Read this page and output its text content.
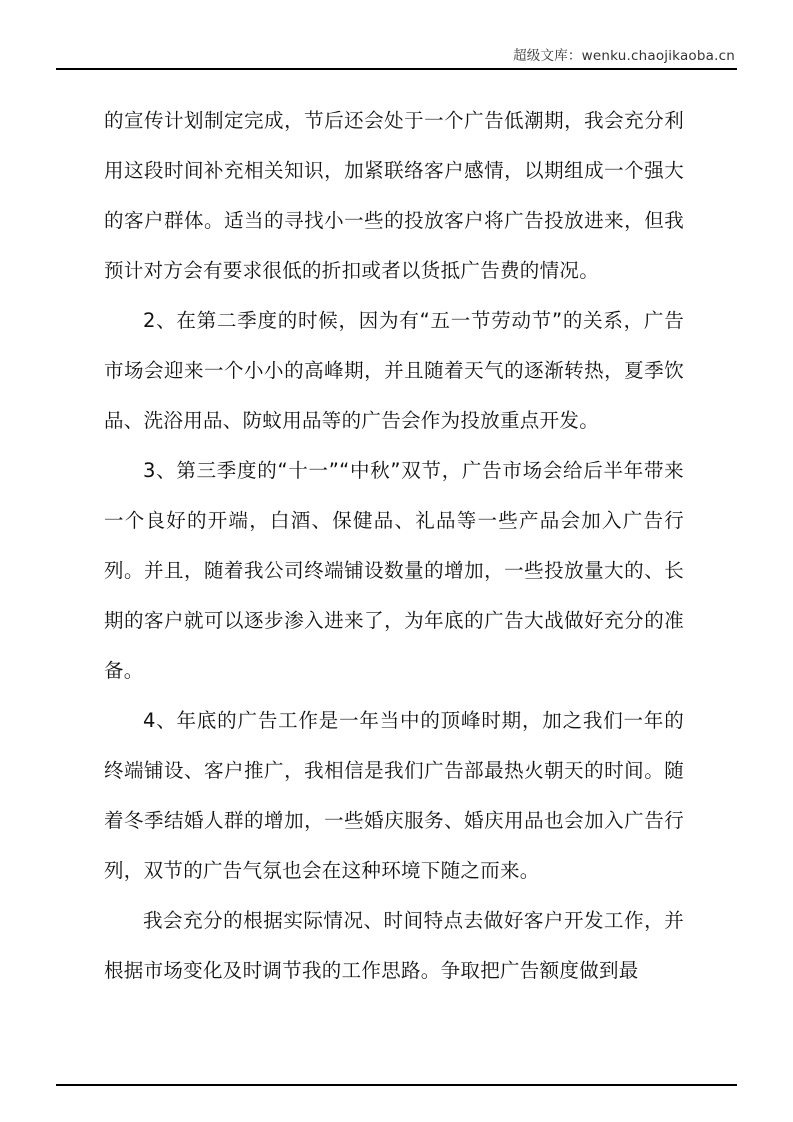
超级文库：wenku.chaojikaoba.cn

的宣传计划制定完成，节后还会处于一个广告低潮期，我会充分利用这段时间补充相关知识，加紧联络客户感情，以期组成一个强大的客户群体。适当的寻找小一些的投放客户将广告投放进来，但我预计对方会有要求很低的折扣或者以货抵广告费的情况。

2、在第二季度的时候，因为有“五一节劳动节”的关系，广告市场会迎来一个小小的高峰期，并且随着天气的逐渐转热，夏季饮品、洗浴用品、防蚊用品等的广告会作为投放重点开发。

3、第三季度的“十一”“中秋”双节，广告市场会给后半年带来一个良好的开端，白酒、保健品、礼品等一些产品会加入广告行列。并且，随着我公司终端铺设数量的增加，一些投放量大的、长期的客户就可以逐步渗入进来了，为年底的广告大战做好充分的准备。

4、年底的广告工作是一年当中的顶峰时期，加之我们一年的终端铺设、客户推广，我相信是我们广告部最热火朝天的时间。随着冬季结婚人群的增加，一些婚庆服务、婚庆用品也会加入广告行列，双节的广告气氛也会在这种环境下随之而来。

我会充分的根据实际情况、时间特点去做好客户开发工作，并根据市场变化及时调节我的工作思路。争取把广告额度做到最
